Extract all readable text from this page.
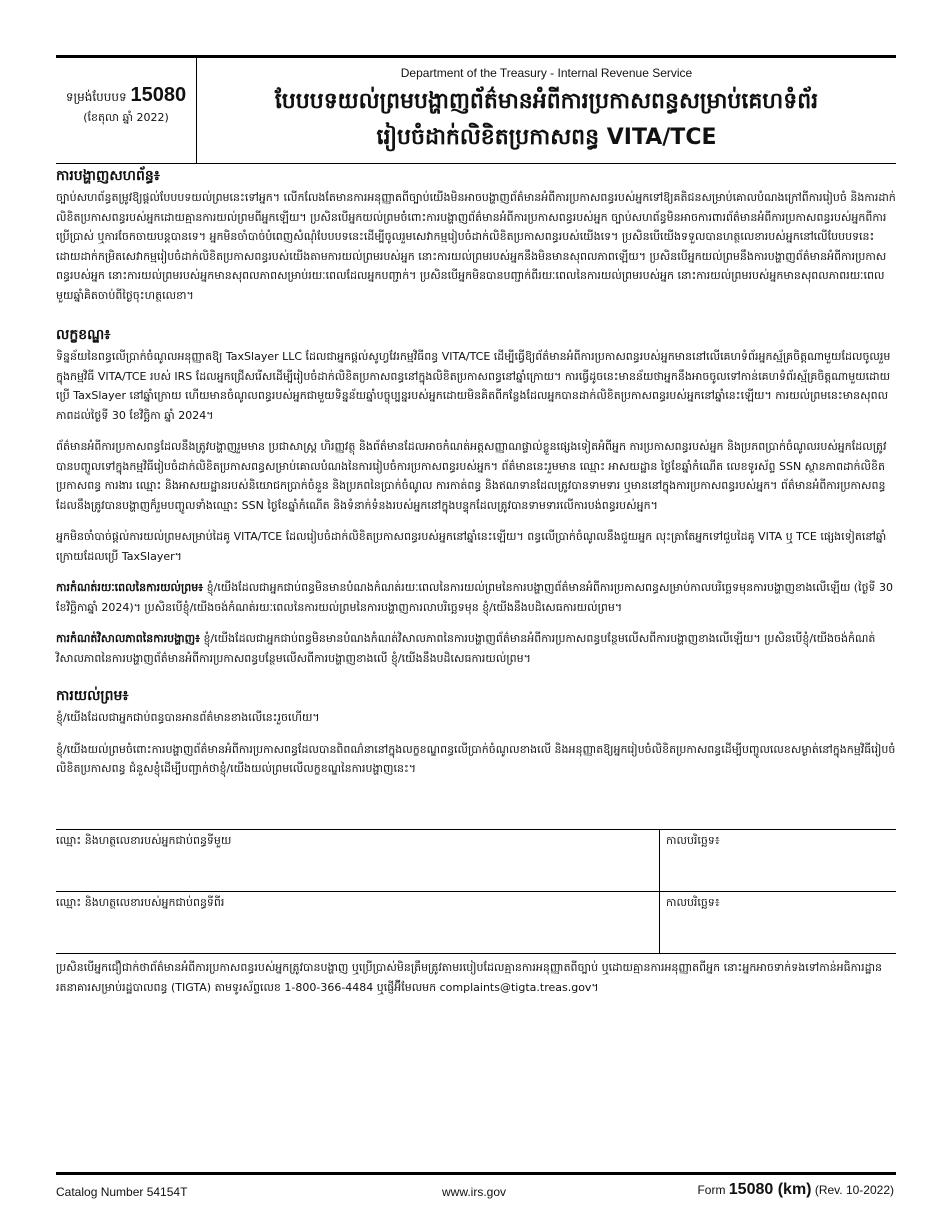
ទម្រង់បែបបទ 15080
(ខែតុលា ឆ្នាំ 2022)
Department of the Treasury - Internal Revenue Service
បែបបទយល់ព្រមបង្ហាញព័ត៌មានអំពីការប្រកាសពន្ធសម្រាប់គេហទំព័រ
រៀបចំដាក់លិខិតប្រកាសពន្ធ VITA/TCE
ការបង្ហាញសហព័ន្ធ៖

ច្បាប់សហព័ន្ធតម្រូវឱ្យផ្ដល់បែបបទយល់ព្រមនេះទៅអ្នក។ លើកលែងតែមានការអនុញ្ញាតពីច្បាប់យើងមិនអាចបង្ហាញព័ត៌មានអំពីការប្រកាសពន្ធរបស់អ្នកទៅឱ្យគតិជនសម្រាប់គោលបំណងក្រៅពីការរៀបចំ និងការដាក់លិខិតប្រកាសពន្ធរបស់អ្នកដោយគ្មានការយល់ព្រមពីអ្នកឡើយ។ ប្រសិនបើអ្នកយល់ព្រមចំពោះការបង្ហាញព័ត៌មានអំពីការប្រកាសពន្ធរបស់អ្នក ច្បាប់សហព័ន្ធមិនអាចការពារព័ត៌មានអំពីការប្រកាសពន្ធរបស់អ្នកពីការប្រើប្រាស់ ឬការចែកចាយបន្តបានទេ។ អ្នកមិនចាំបាច់បំពេញសំណុំបែបបទនេះដើម្បីចូលរួមសេវាកម្មរៀបចំដាក់លិខិតប្រកាសពន្ធរបស់យើងទេ។ ប្រសិនបើយើងទទួលបានហត្ថលេខារបស់អ្នកនៅលើបែបបទនេះដោយដាក់កម្រិតសេវាកម្មរៀបចំដាក់លិខិតប្រកាសពន្ធរបស់យើងតាមការយល់ព្រមរបស់អ្នក នោះការយល់ព្រមរបស់អ្នកនឹងមិនមានសុពលភាពឡើយ។ ប្រសិនបើអ្នកយល់ព្រមនឹងការបង្ហាញព័ត៌មានអំពីការប្រកាសពន្ធរបស់អ្នក នោះការយល់ព្រមរបស់អ្នកមានសុពលភាពសម្រាប់រយៈពេលដែលអ្នកបញ្ជាក់។ ប្រសិនបើអ្នកមិនបានបញ្ជាក់ពីរយៈពេលនៃការយល់ព្រមរបស់អ្នក នោះការយល់ព្រមរបស់អ្នកមានសុពលភាពរយៈពេលមួយឆ្នាំគិតចាប់ពីថ្ងៃចុះហត្ថលេខា។

លក្ខខណ្ឌ៖

ទិន្នន័យនៃពន្ធលើប្រាក់ចំណូលអនុញ្ញាតឱ្យ TaxSlayer LLC ដែលជាអ្នកផ្ដល់សូហ្វវែរកម្មវិធីពន្ធ VITA/TCE ដើម្បីធ្វើឱ្យព័ត៌មានអំពីការប្រកាសពន្ធរបស់អ្នកមាននៅលើគេហទំព័រអ្នកស្ម័គ្រចិត្តណាមួយដែលចូលរួមក្នុងកម្មវិធី VITA/TCE របស់ IRS ដែលអ្នកជ្រើសរើសដើម្បីរៀបចំដាក់លិខិតប្រកាសពន្ធនៅក្នុងលិខិតប្រកាសពន្ធនៅឆ្នាំក្រោយ។ ការធ្វើដូចនេះមានន័យថាអ្នកនឹងអាចចូលទៅកាន់គេហទំព័រស្ម័គ្រចិត្តណាមួយដោយប្រើ TaxSlayer នៅឆ្នាំក្រោយ ហើយមានចំណូលពន្ធរបស់អ្នកជាមួយទិន្នន័យឆ្នាំបច្ចុប្បន្នរបស់អ្នកដោយមិនគិតពីកន្លែងដែលអ្នកបានដាក់លិខិតប្រកាសពន្ធរបស់អ្នកនៅឆ្នាំនេះឡើយ។ ការយល់ព្រមនេះមានសុពលភាពដល់ថ្ងៃទី 30 ខែវិច្ឆិកា ឆ្នាំ 2024។

ព័ត៌មានអំពីការប្រកាសពន្ធដែលនឹងត្រូវបង្ហាញរួមមាន ប្រជាសាស្ត្រ ហិរញ្ញវត្ថុ និងព័ត៌មានដែលអាចកំណត់អត្តសញ្ញាណផ្ទាល់ខ្លួនផ្សេងទៀតអំពីអ្នក ការប្រកាសពន្ធរបស់អ្នក និងប្រភពប្រាក់ចំណូលរបស់អ្នកដែលត្រូវបានបញ្ចូលទៅក្នុងកម្មវិធីរៀបចំដាក់លិខិតប្រកាសពន្ធសម្រាប់គោលបំណងនៃការរៀបចំការប្រកាសពន្ធរបស់អ្នក។ ព័ត៌មាននេះរួមមាន ឈ្មោះ អាសយដ្ឋាន ថ្ងៃខែឆ្នាំកំណើត លេខទូរស័ព្ទ SSN ស្ថានភាពដាក់លិខិតប្រកាសពន្ធ ការងារ ឈ្មោះ និងអាសយដ្ឋានរបស់និយោជកប្រាក់ចំនួន និងប្រភពនៃប្រាក់ចំណូល ការកាត់ពន្ធ និងឥណទានដែលត្រូវបានទាមទារ ឬមាននៅក្នុងការប្រកាសពន្ធរបស់អ្នក។ ព័ត៌មានអំពីការប្រកាសពន្ធដែលនឹងត្រូវបានបង្ហាញក៏រួមបញ្ចូលទាំងឈ្មោះ SSN ថ្ងៃខែឆ្នាំកំណើត និងទំនាក់ទំនងរបស់អ្នកនៅក្នុងបន្ទុកដែលត្រូវបានទាមទារលើការបង់ពន្ធរបស់អ្នក។

អ្នកមិនចាំបាច់ផ្ដល់ការយល់ព្រមសម្រាប់ដៃគូ VITA/TCE ដែលរៀបចំដាក់លិខិតប្រកាសពន្ធរបស់អ្នកនៅឆ្នាំនេះឡើយ។ ពន្ធលើប្រាក់ចំណូលនឹងជួយអ្នក លុះត្រាតែអ្នកទៅជួបដៃគូ VITA ឬ TCE ផ្សេងទៀតនៅឆ្នាំក្រោយដែលប្រើ TaxSlayer។

ការកំណត់រយៈពេលនៃការយល់ព្រម៖ ខ្ញុំ/យើងដែលជាអ្នកជាប់ពន្ធមិនមានបំណងកំណត់រយៈពេលនៃការយល់ព្រមនៃការបង្ហាញព័ត៌មានអំពីការប្រកាសពន្ធសម្រាប់កាលបរិច្ឆេទមុនការបង្ហាញខាងលើឡើយ (ថ្ងៃទី 30 ខែវិច្ឆិកាឆ្នាំ 2024)។ ប្រសិនបើខ្ញុំ/យើងចង់កំណត់រយៈពេលនៃការយល់ព្រមនៃការបង្ហាញការលាបរិច្ឆេទមុន ខ្ញុំ/យើងនឹងបដិសេធការយល់ព្រម។

ការកំណត់វិសាលភាពនៃការបង្ហាញ៖ ខ្ញុំ/យើងដែលជាអ្នកជាប់ពន្ធមិនមានបំណងកំណត់វិសាលភាពនៃការបង្ហាញព័ត៌មានអំពីការប្រកាសពន្ធបន្ថែមលើសពីការបង្ហាញខាងលើឡើយ។ ប្រសិនបើខ្ញុំ/យើងចង់កំណត់វិសាលភាពនៃការបង្ហាញព័ត៌មានអំពីការប្រកាសពន្ធបន្ថែមលើសពីការបង្ហាញខាងលើ ខ្ញុំ/យើងនឹងបដិសេធការយល់ព្រម។

ការយល់ព្រម៖

ខ្ញុំ/យើងដែលជាអ្នកជាប់ពន្ធបានអានព័ត៌មានខាងលើនេះរួចហើយ។

ខ្ញុំ/យើងយល់ព្រមចំពោះការបង្ហាញព័ត៌មានអំពីការប្រកាសពន្ធដែលបានពិពណ៌នានៅក្នុងលក្ខខណ្ឌពន្ធលើប្រាក់ចំណូលខាងលើ និងអនុញ្ញាតឱ្យអ្នករៀបចំលិខិតប្រកាសពន្ធដើម្បីបញ្ចូលលេខសម្ងាត់នៅក្នុងកម្មវិធីរៀបចំលិខិតប្រកាសពន្ធ ជំនួសខ្ញុំដើម្បីបញ្ជាក់ថាខ្ញុំ/យើងយល់ព្រមលើលក្ខខណ្ឌនៃការបង្ហាញនេះ។

ឈ្មោះ និងហត្ថលេខារបស់អ្នកជាប់ពន្ធទីមួយ	កាលបរិច្ឆេទ៖
ឈ្មោះ និងហត្ថលេខារបស់អ្នកជាប់ពន្ធទីពីរ	កាលបរិច្ឆេទ៖

ប្រសិនបើអ្នកជឿជាក់ថាព័ត៌មានអំពីការប្រកាសពន្ធរបស់អ្នកត្រូវបានបង្ហាញ ឬប្រើប្រាស់មិនត្រឹមត្រូវតាមរបៀបដែលគ្មានការអនុញ្ញាតពីច្បាប់ ឬដោយគ្មានការអនុញ្ញាតពីអ្នក នោះអ្នកអាចទាក់ទងទៅកាន់អធិការដ្ឋានរតនាគារសម្រាប់រដ្ឋបាលពន្ធ (TIGTA) តាមទូរស័ព្ទលេខ 1-800-366-4484 ឬផ្ញើអ៊ីមែលមក complaints@tigta.treas.gov។

Catalog Number 54154T	www.irs.gov	Form 15080 (km) (Rev. 10-2022)
